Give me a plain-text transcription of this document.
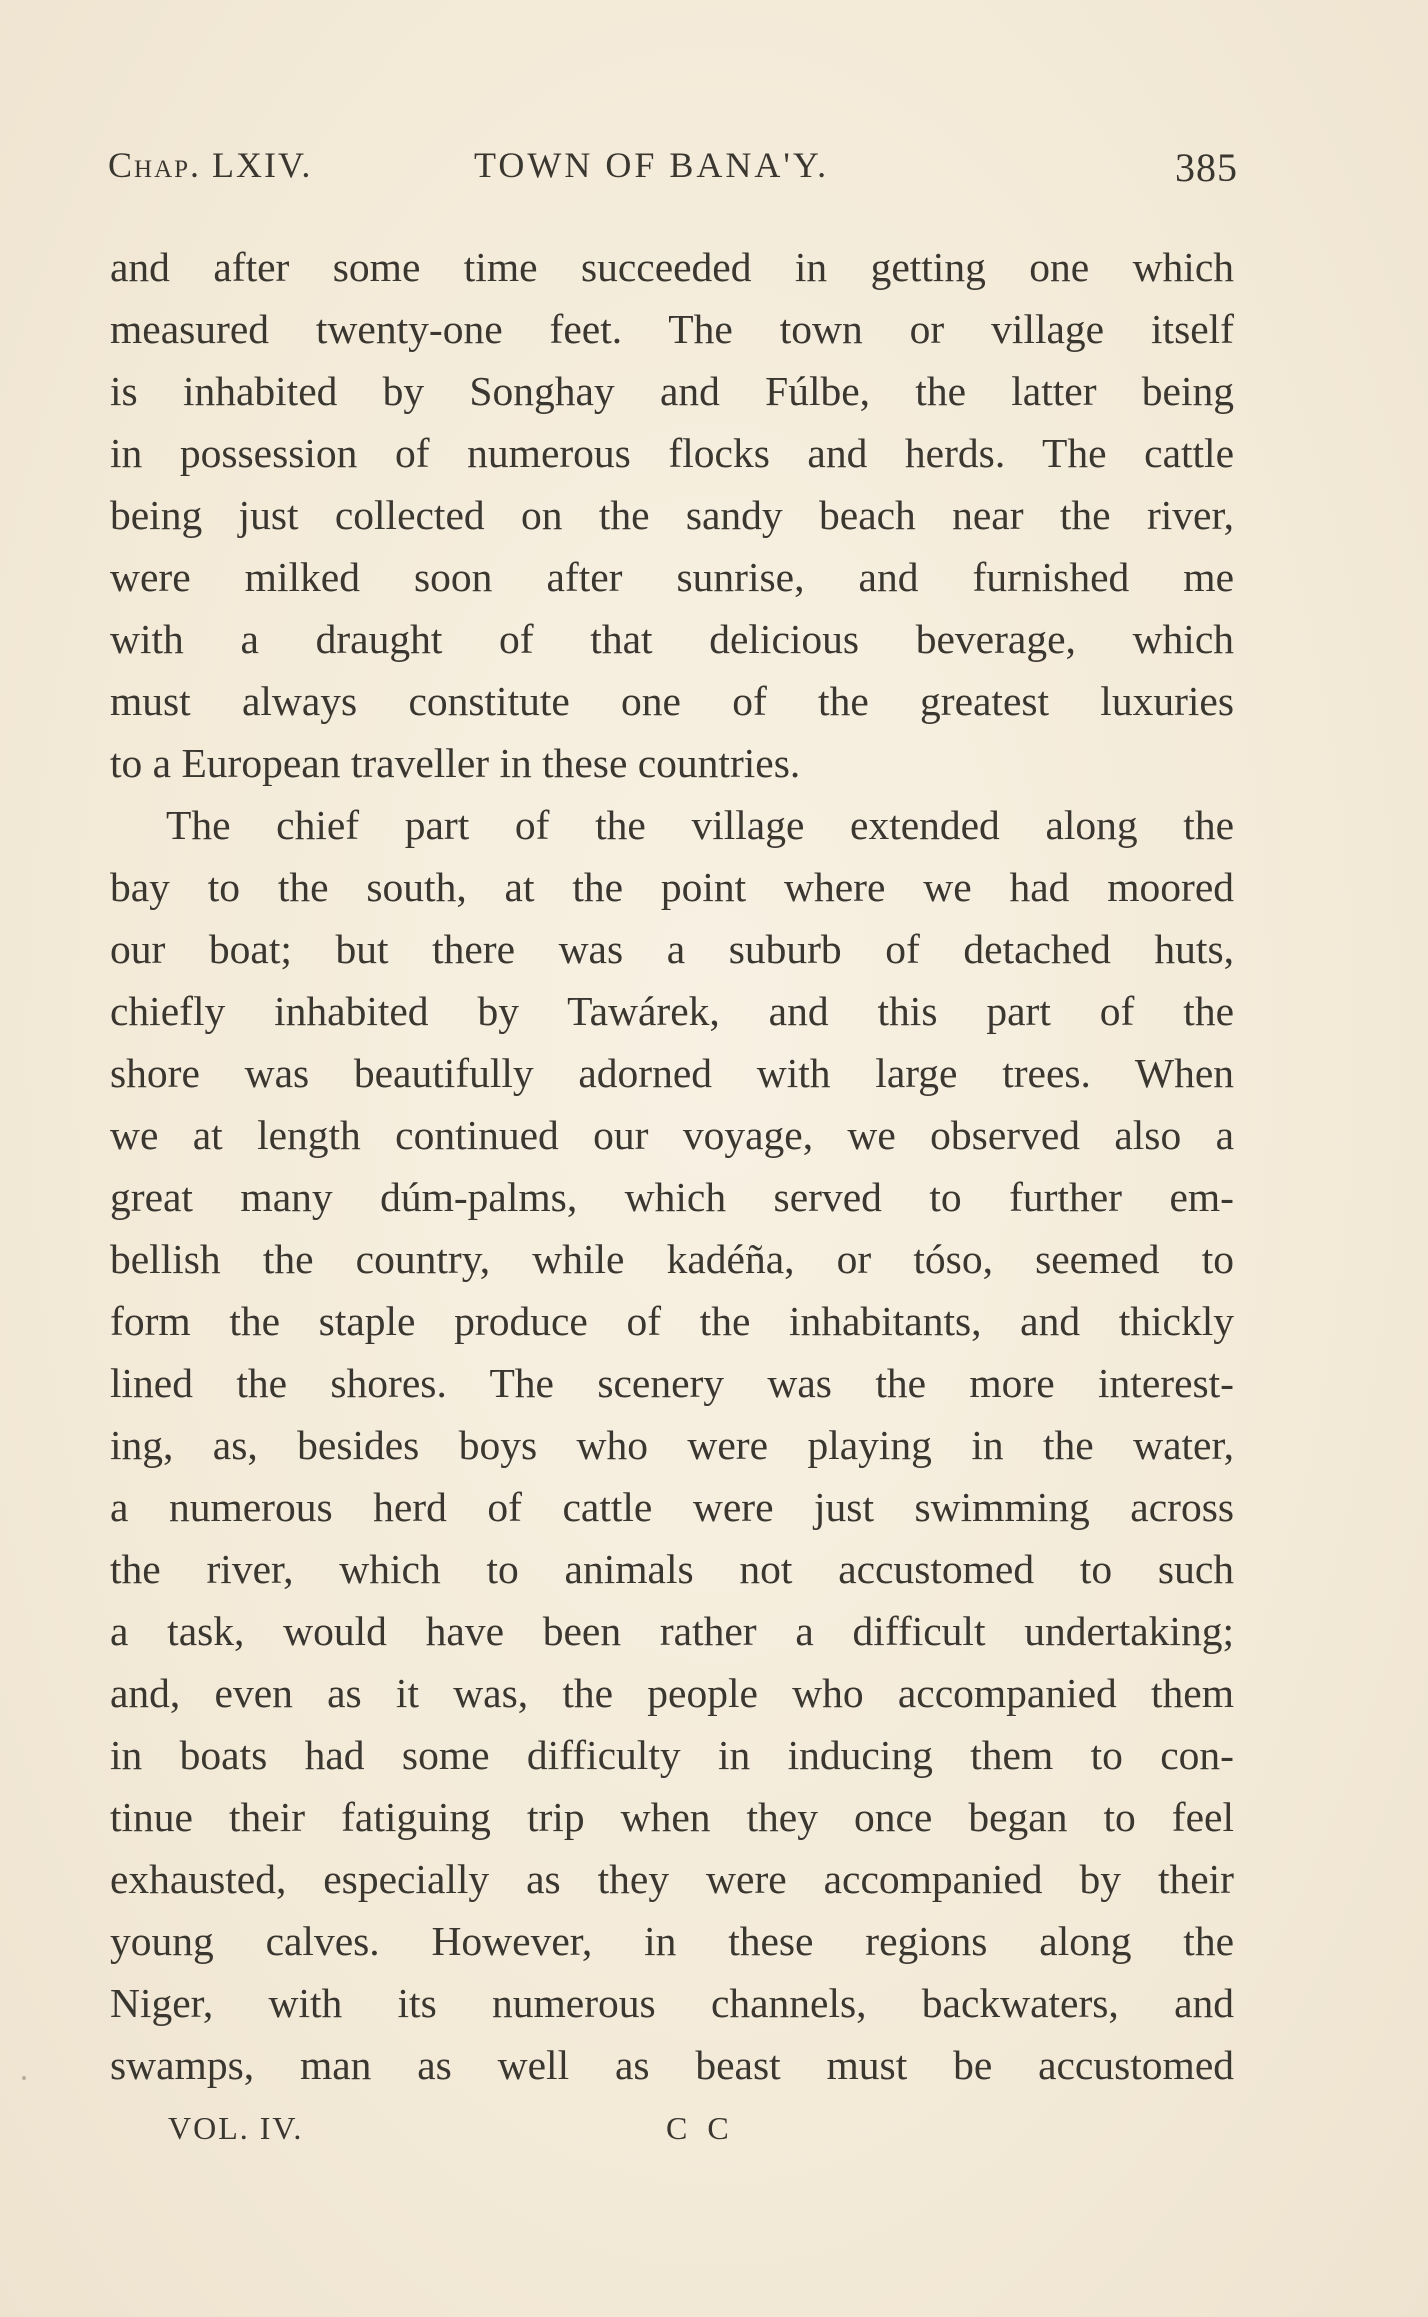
Chap. LXIV.	TOWN OF BANA'Y.	385
and after some time succeeded in getting one which
measured twenty-one feet. The town or village itself
is inhabited by Songhay and Fúlbe, the latter being
in possession of numerous flocks and herds. The cattle
being just collected on the sandy beach near the river,
were milked soon after sunrise, and furnished me
with a draught of that delicious beverage, which
must always constitute one of the greatest luxuries
to a European traveller in these countries.
The chief part of the village extended along the
bay to the south, at the point where we had moored
our boat; but there was a suburb of detached huts,
chiefly inhabited by Tawárek, and this part of the
shore was beautifully adorned with large trees. When
we at length continued our voyage, we observed also a
great many dúm-palms, which served to further em-
bellish the country, while kadéña, or tóso, seemed to
form the staple produce of the inhabitants, and thickly
lined the shores. The scenery was the more interest-
ing, as, besides boys who were playing in the water,
a numerous herd of cattle were just swimming across
the river, which to animals not accustomed to such
a task, would have been rather a difficult undertaking;
and, even as it was, the people who accompanied them
in boats had some difficulty in inducing them to con-
tinue their fatiguing trip when they once began to feel
exhausted, especially as they were accompanied by their
young calves. However, in these regions along the
Niger, with its numerous channels, backwaters, and
swamps, man as well as beast must be accustomed
VOL. IV.	C C
